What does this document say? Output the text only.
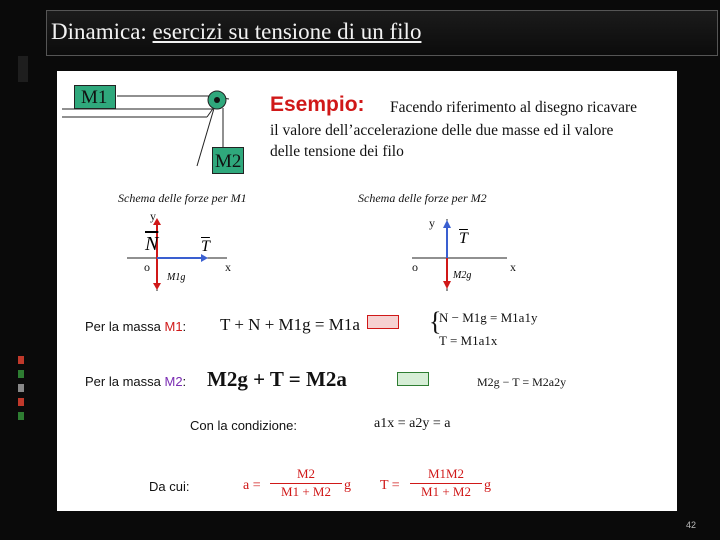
Dinamica: esercizi su tensione di un filo
M1
M2
Esempio: Facendo riferimento al disegno ricavare
il valore dell’accelerazione delle due masse ed il valore
delle tensione dei filo
Schema delle forze per M1
y
x
o
$\overline{N}$	$\overline{T}$
M1g
Schema delle forze per M2
y
x
o
$\overline{T}$
M2g
Per la massa M1: T + N + M1g = M1a	{
N − M1g = M1a1y
T = M1a1x
Per la massa M2: M2g + T = M2a	M2g − T = M2a2y
Con la condizione:	a1x = a2y = a
Da cui:	$a = \frac{M2}{M1 + M2}$ g $T = \frac{M1M2}{M1 + M2}$ g
42
